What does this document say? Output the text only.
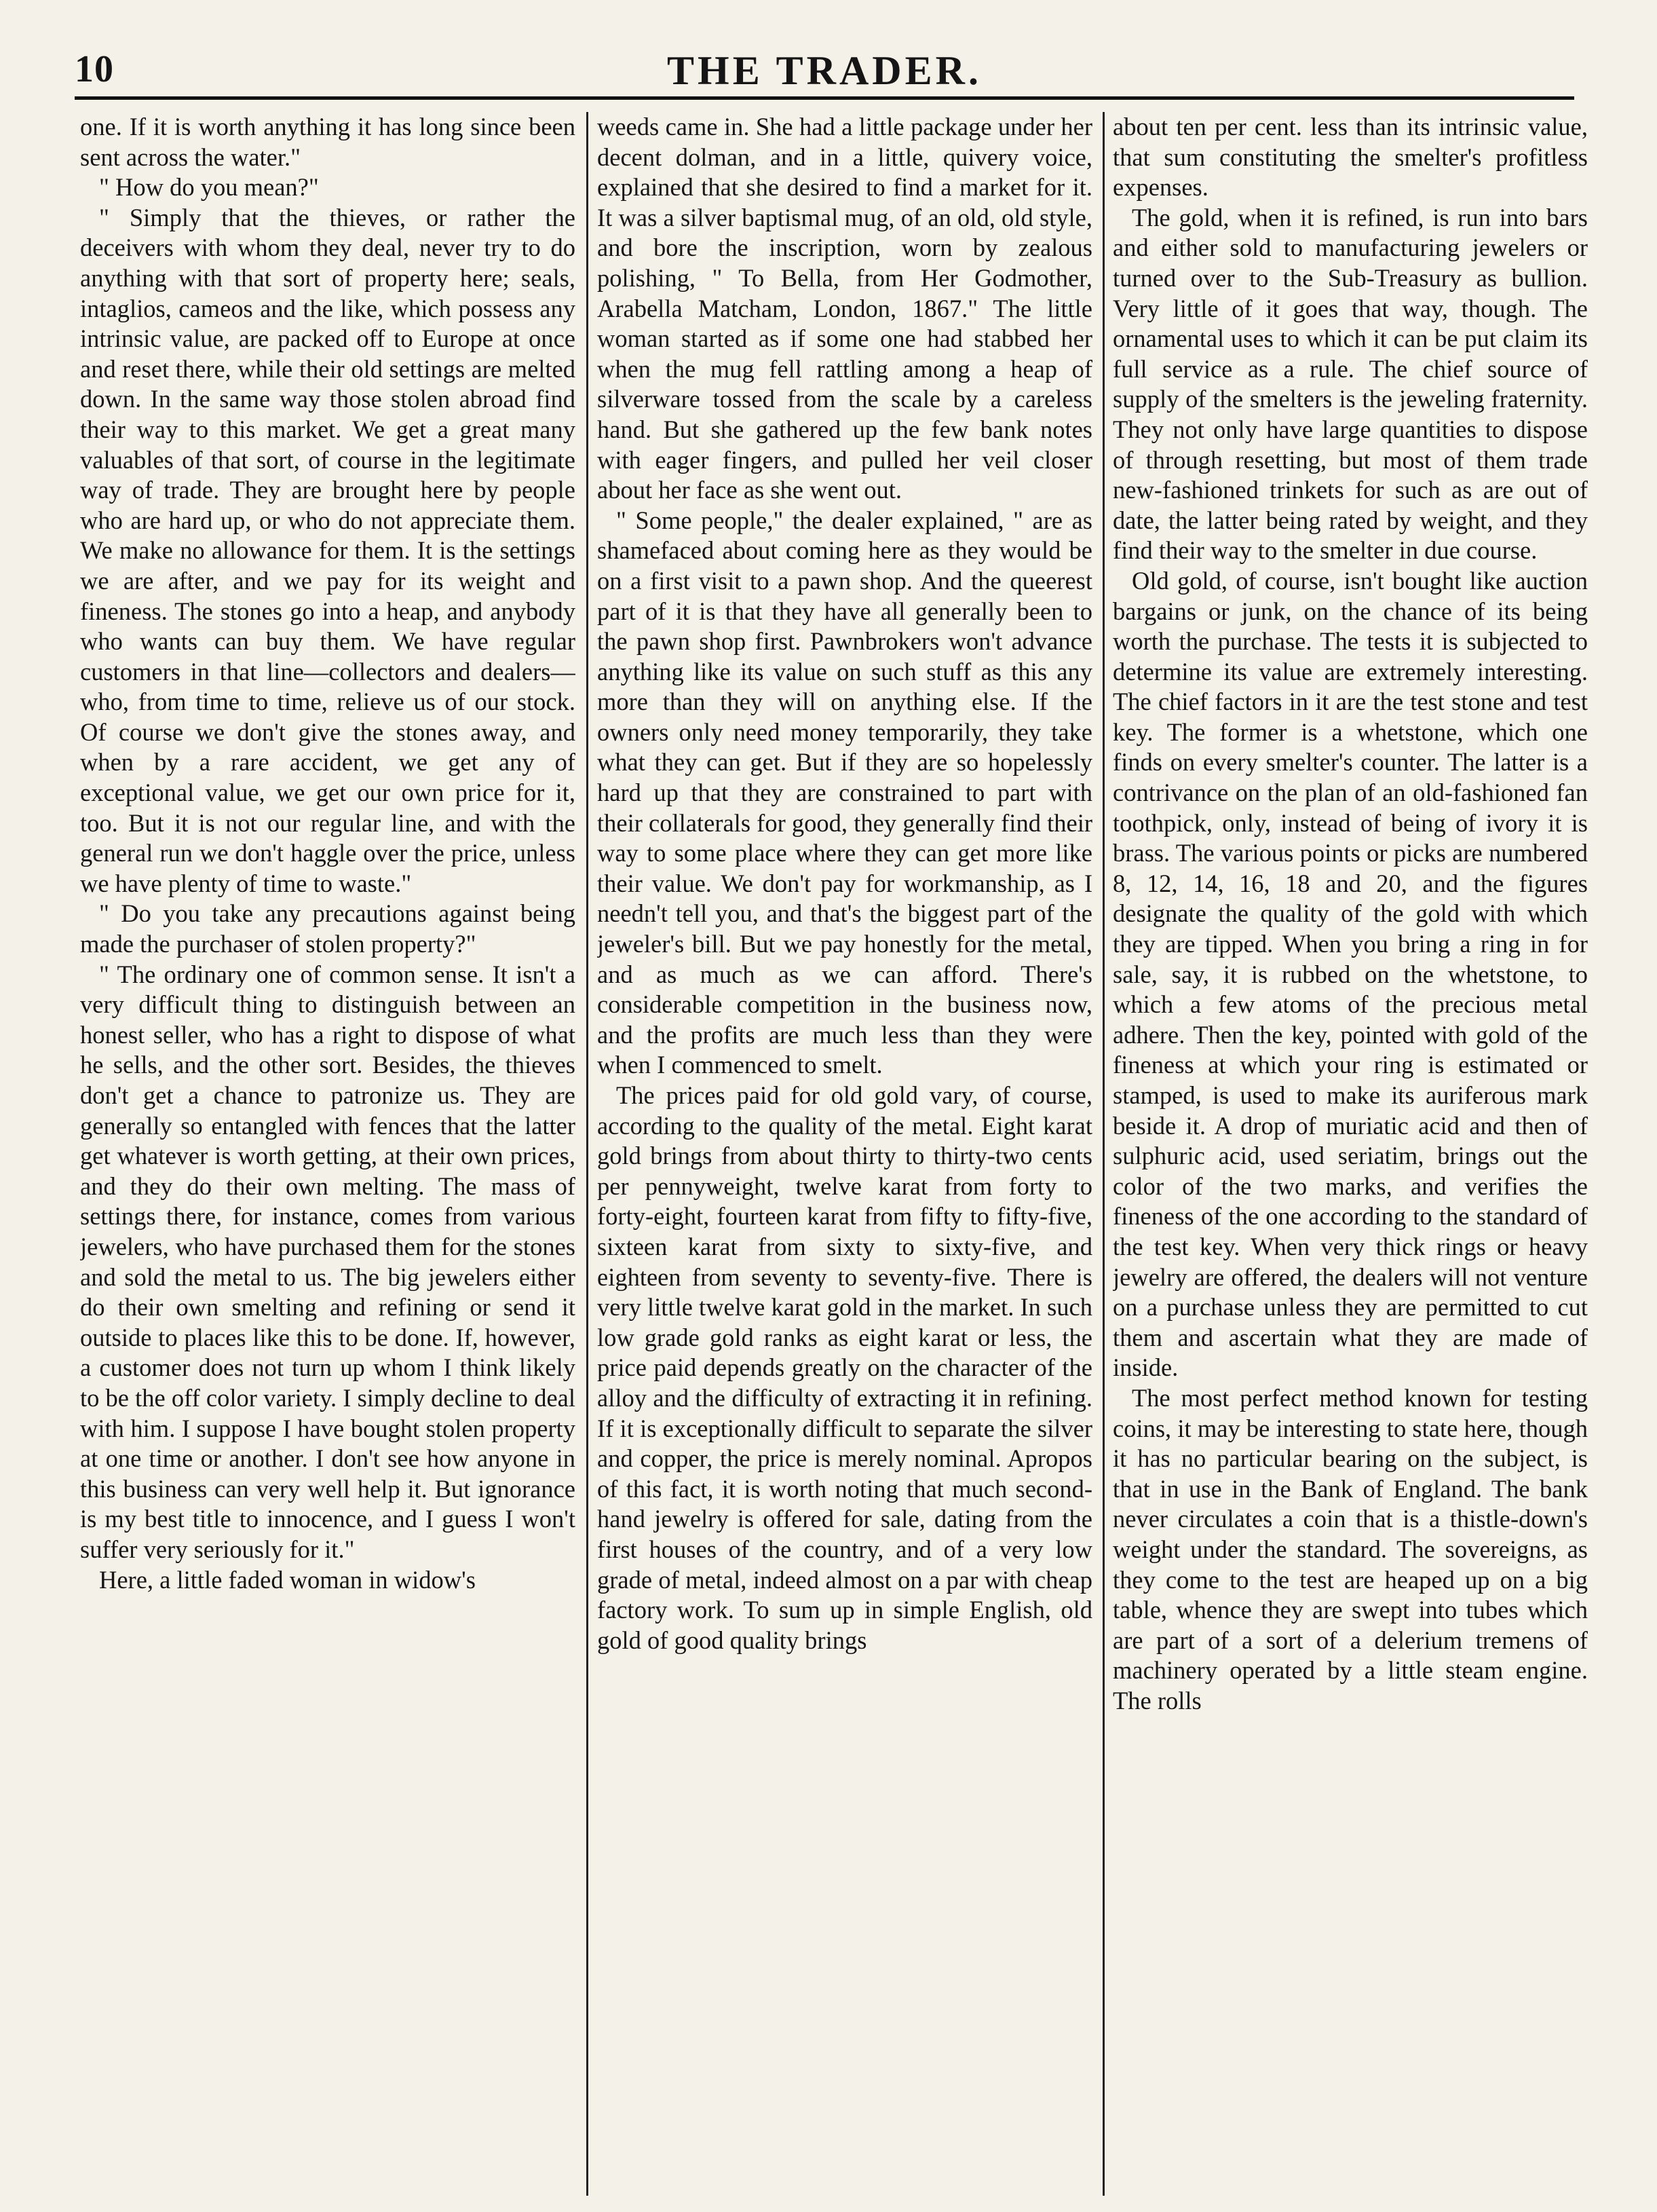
10	THE TRADER.

one. If it is worth anything it has long since been sent across the water."

" How do you mean?"

" Simply that the thieves, or rather the deceivers with whom they deal, never try to do anything with that sort of property here; seals, intaglios, cameos and the like, which possess any intrinsic value, are packed off to Europe at once and reset there, while their old settings are melted down. In the same way those stolen abroad find their way to this market. We get a great many valuables of that sort, of course in the legitimate way of trade. They are brought here by people who are hard up, or who do not appreciate them. We make no allowance for them. It is the settings we are after, and we pay for its weight and fineness. The stones go into a heap, and anybody who wants can buy them. We have regular customers in that line—collectors and dealers—who, from time to time, relieve us of our stock. Of course we don't give the stones away, and when by a rare accident, we get any of exceptional value, we get our own price for it, too. But it is not our regular line, and with the general run we don't haggle over the price, unless we have plenty of time to waste."

" Do you take any precautions against being made the purchaser of stolen property?"

" The ordinary one of common sense. It isn't a very difficult thing to distinguish between an honest seller, who has a right to dispose of what he sells, and the other sort. Besides, the thieves don't get a chance to patronize us. They are generally so entangled with fences that the latter get whatever is worth getting, at their own prices, and they do their own melting. The mass of settings there, for instance, comes from various jewelers, who have purchased them for the stones and sold the metal to us. The big jewelers either do their own smelting and refining or send it outside to places like this to be done. If, however, a customer does not turn up whom I think likely to be the off color variety. I simply decline to deal with him. I suppose I have bought stolen property at one time or another. I don't see how anyone in this business can very well help it. But ignorance is my best title to innocence, and I guess I won't suffer very seriously for it."

Here, a little faded woman in widow's

weeds came in. She had a little package under her decent dolman, and in a little, quivery voice, explained that she desired to find a market for it. It was a silver baptismal mug, of an old, old style, and bore the inscription, worn by zealous polishing, " To Bella, from Her Godmother, Arabella Matcham, London, 1867." The little woman started as if some one had stabbed her when the mug fell rattling among a heap of silverware tossed from the scale by a careless hand. But she gathered up the few bank notes with eager fingers, and pulled her veil closer about her face as she went out.

" Some people," the dealer explained, " are as shamefaced about coming here as they would be on a first visit to a pawn shop. And the queerest part of it is that they have all generally been to the pawn shop first. Pawnbrokers won't advance anything like its value on such stuff as this any more than they will on anything else. If the owners only need money temporarily, they take what they can get. But if they are so hopelessly hard up that they are constrained to part with their collaterals for good, they generally find their way to some place where they can get more like their value. We don't pay for workmanship, as I needn't tell you, and that's the biggest part of the jeweler's bill. But we pay honestly for the metal, and as much as we can afford. There's considerable competition in the business now, and the profits are much less than they were when I commenced to smelt.

The prices paid for old gold vary, of course, according to the quality of the metal. Eight karat gold brings from about thirty to thirty-two cents per pennyweight, twelve karat from forty to forty-eight, fourteen karat from fifty to fifty-five, sixteen karat from sixty to sixty-five, and eighteen from seventy to seventy-five. There is very little twelve karat gold in the market. In such low grade gold ranks as eight karat or less, the price paid depends greatly on the character of the alloy and the difficulty of extracting it in refining. If it is exceptionally difficult to separate the silver and copper, the price is merely nominal. Apropos of this fact, it is worth noting that much second-hand jewelry is offered for sale, dating from the first houses of the country, and of a very low grade of metal, indeed almost on a par with cheap factory work. To sum up in simple English, old gold of good quality brings

about ten per cent. less than its intrinsic value, that sum constituting the smelter's profitless expenses.

The gold, when it is refined, is run into bars and either sold to manufacturing jewelers or turned over to the Sub-Treasury as bullion. Very little of it goes that way, though. The ornamental uses to which it can be put claim its full service as a rule. The chief source of supply of the smelters is the jeweling fraternity. They not only have large quantities to dispose of through resetting, but most of them trade new-fashioned trinkets for such as are out of date, the latter being rated by weight, and they find their way to the smelter in due course.

Old gold, of course, isn't bought like auction bargains or junk, on the chance of its being worth the purchase. The tests it is subjected to determine its value are extremely interesting. The chief factors in it are the test stone and test key. The former is a whetstone, which one finds on every smelter's counter. The latter is a contrivance on the plan of an old-fashioned fan toothpick, only, instead of being of ivory it is brass. The various points or picks are numbered 8, 12, 14, 16, 18 and 20, and the figures designate the quality of the gold with which they are tipped. When you bring a ring in for sale, say, it is rubbed on the whetstone, to which a few atoms of the precious metal adhere. Then the key, pointed with gold of the fineness at which your ring is estimated or stamped, is used to make its auriferous mark beside it. A drop of muriatic acid and then of sulphuric acid, used seriatim, brings out the color of the two marks, and verifies the fineness of the one according to the standard of the test key. When very thick rings or heavy jewelry are offered, the dealers will not venture on a purchase unless they are permitted to cut them and ascertain what they are made of inside.

The most perfect method known for testing coins, it may be interesting to state here, though it has no particular bearing on the subject, is that in use in the Bank of England. The bank never circulates a coin that is a thistle-down's weight under the standard. The sovereigns, as they come to the test are heaped up on a big table, whence they are swept into tubes which are part of a sort of a delerium tremens of machinery operated by a little steam engine. The rolls
